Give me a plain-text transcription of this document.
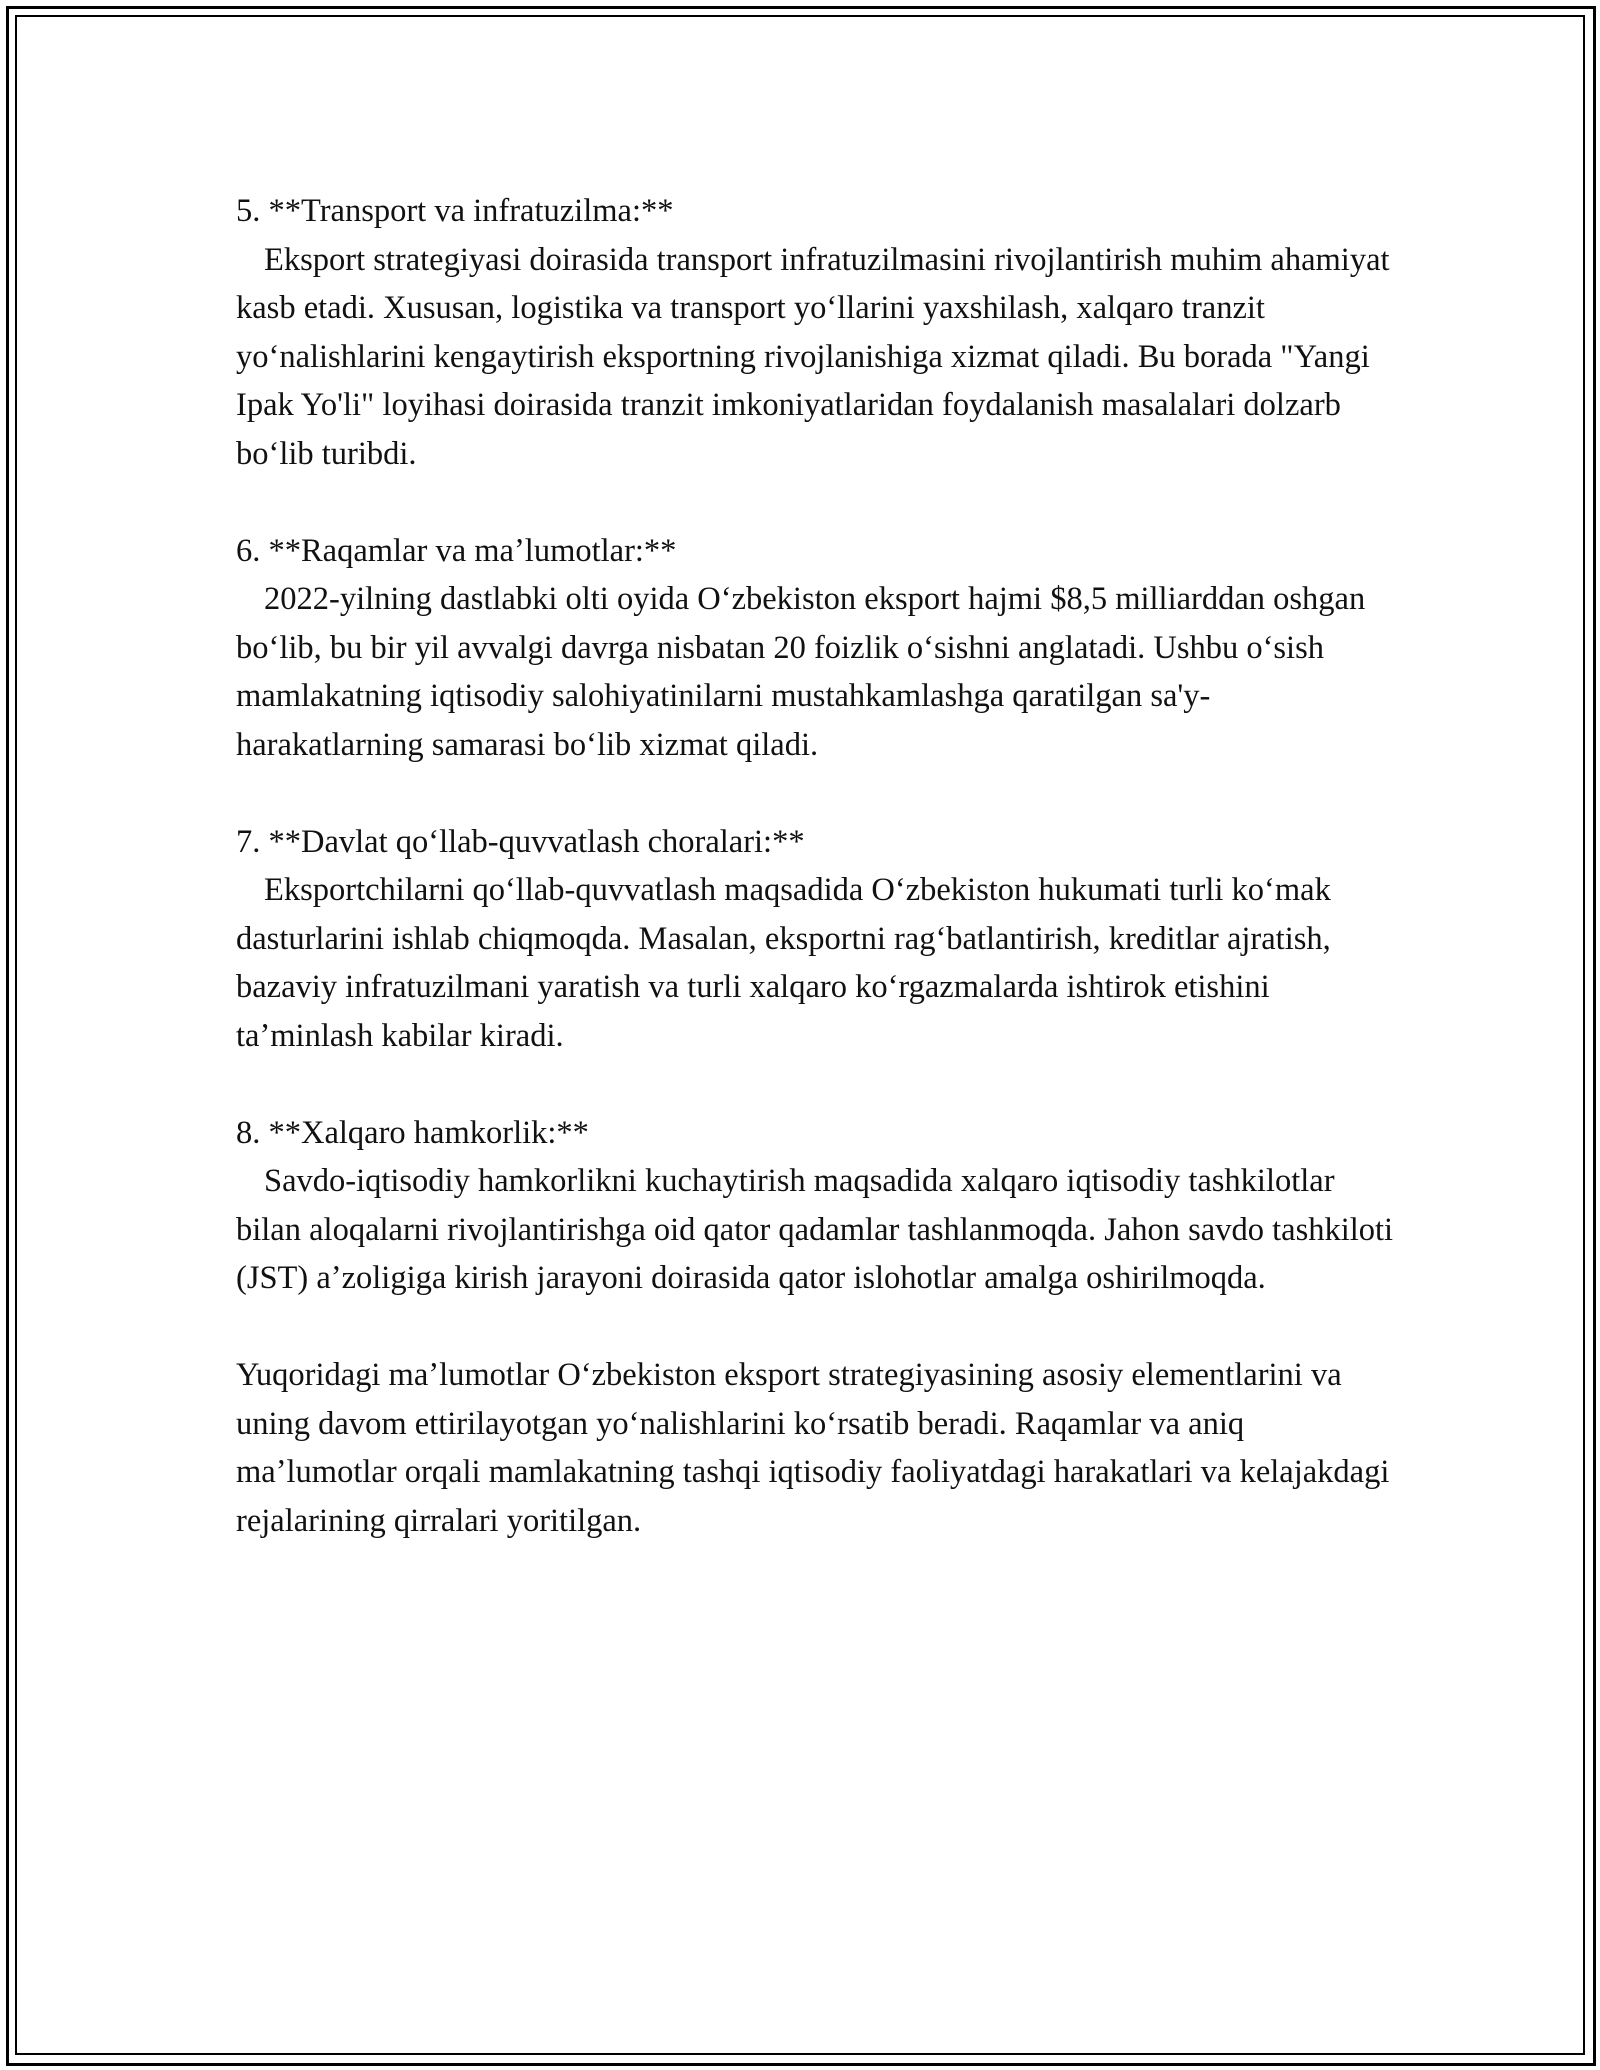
5. **Transport va infratuzilma:**
Eksport strategiyasi doirasida transport infratuzilmasini rivojlantirish muhim ahamiyat kasb etadi. Xususan, logistika va transport yoʻllarini yaxshilash, xalqaro tranzit yoʻnalishlarini kengaytirish eksportning rivojlanishiga xizmat qiladi. Bu borada "Yangi Ipak Yo'li" loyihasi doirasida tranzit imkoniyatlaridan foydalanish masalalari dolzarb boʻlib turibdi.
6. **Raqamlar va maʼlumotlar:**
2022-yilning dastlabki olti oyida Oʻzbekiston eksport hajmi $8,5 milliarddan oshgan boʻlib, bu bir yil avvalgi davrga nisbatan 20 foizlik oʻsishni anglatadi. Ushbu oʻsish mamlakatning iqtisodiy salohiyatinilarni mustahkamlashga qaratilgan sa'y-harakatlarning samarasi boʻlib xizmat qiladi.
7. **Davlat qoʻllab-quvvatlash choralari:**
Eksportchilarni qoʻllab-quvvatlash maqsadida Oʻzbekiston hukumati turli koʻmak dasturlarini ishlab chiqmoqda. Masalan, eksportni ragʻbatlantirish, kreditlar ajratish, bazaviy infratuzilmani yaratish va turli xalqaro koʻrgazmalarda ishtirok etishini taʼminlash kabilar kiradi.
8. **Xalqaro hamkorlik:**
Savdo-iqtisodiy hamkorlikni kuchaytirish maqsadida xalqaro iqtisodiy tashkilotlar bilan aloqalarni rivojlantirishga oid qator qadamlar tashlanmoqda. Jahon savdo tashkiloti (JST) aʼzoligiga kirish jarayoni doirasida qator islohotlar amalga oshirilmoqda.
Yuqoridagi maʼlumotlar Oʻzbekiston eksport strategiyasining asosiy elementlarini va uning davom ettirilayotgan yoʻnalishlarini koʻrsatib beradi. Raqamlar va aniq maʼlumotlar orqali mamlakatning tashqi iqtisodiy faoliyatdagi harakatlari va kelajakdagi rejalarining qirralari yoritilgan.
